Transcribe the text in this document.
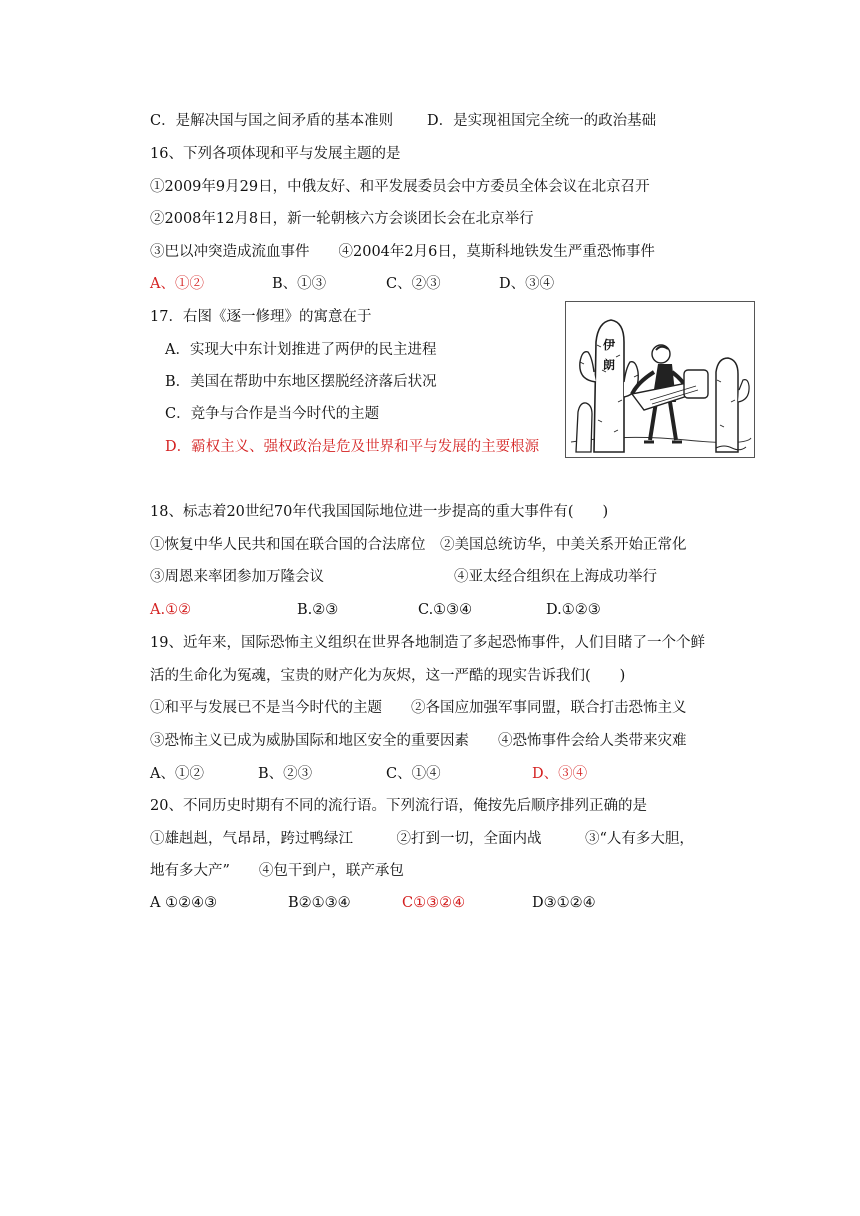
C．是解决国与国之间矛盾的基本准则 D．是实现祖国完全统一的政治基础
16、下列各项体现和平与发展主题的是
①2009年9月29日，中俄友好、和平发展委员会中方委员全体会议在北京召开
②2008年12月8日，新一轮朝核六方会谈团长会在北京举行
③巴以冲突造成流血事件　　④2004年2月6日，莫斯科地铁发生严重恐怖事件
A、①②	B、①③	C、②③	D、③④
17．右图《逐一修理》的寓意在于
A．实现大中东计划推进了两伊的民主进程
B．美国在帮助中东地区摆脱经济落后状况
C．竞争与合作是当今时代的主题
D．霸权主义、强权政治是危及世界和平与发展的主要根源
伊
朗
18、标志着20世纪70年代我国国际地位进一步提高的重大事件有(　　)
①恢复中华人民共和国在联合国的合法席位　②美国总统访华，中美关系开始正常化
③周恩来率团参加万隆会议	④亚太经合组织在上海成功举行
A.①②	B.②③	C.①③④	D.①②③
19、近年来，国际恐怖主义组织在世界各地制造了多起恐怖事件，人们目睹了一个个鲜
活的生命化为冤魂，宝贵的财产化为灰烬，这一严酷的现实告诉我们(　　)
①和平与发展已不是当今时代的主题　　②各国应加强军事同盟，联合打击恐怖主义
③恐怖主义已成为威胁国际和地区安全的重要因素　　④恐怖事件会给人类带来灾难
A、①②	B、②③	C、①④	D、③④
20、不同历史时期有不同的流行语。下列流行语，俺按先后顺序排列正确的是
①雄赳赳，气昂昂，跨过鸭绿江　　　②打到一切，全面内战　　　③“人有多大胆，
地有多大产”　　④包干到户，联产承包
A ①②④③	B②①③④	C①③②④	D③①②④
